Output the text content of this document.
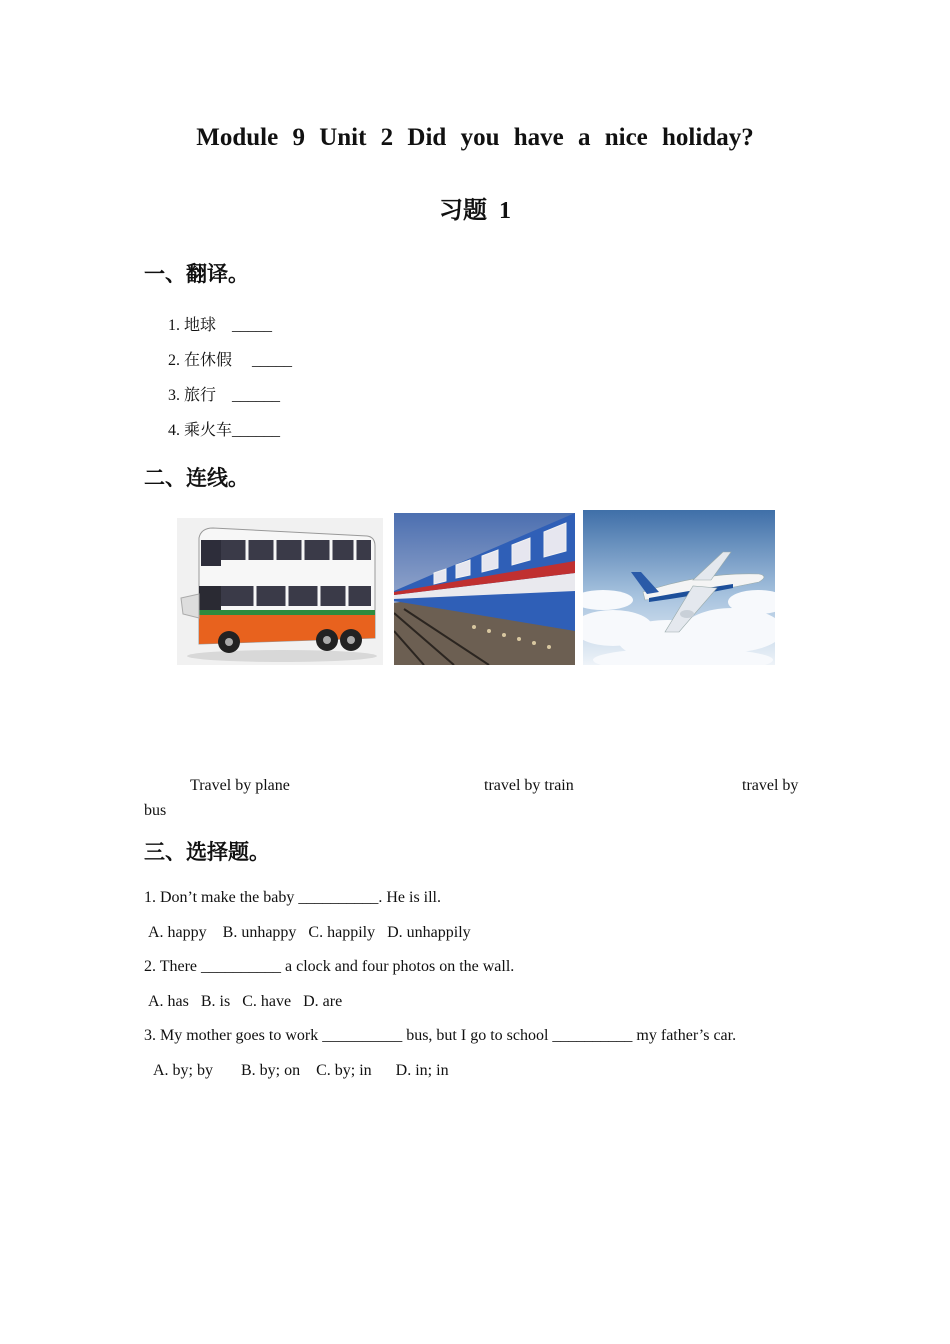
Module 9 Unit 2 Did you have a nice holiday?
习题 1
一、翻译。
1. 地球　_____
2. 在休假　 _____
3. 旅行　______
4. 乘火车______
二、连线。
Travel by plane	travel by train	travel by
bus
三、选择题。
1. Don’t make the baby __________. He is ill.
A. happy    B. unhappy   C. happily   D. unhappily
2. There __________ a clock and four photos on the wall.
A. has   B. is   C. have   D. are
3. My mother goes to work __________ bus, but I go to school __________ my father’s car.
A. by; by       B. by; on    C. by; in      D. in; in
